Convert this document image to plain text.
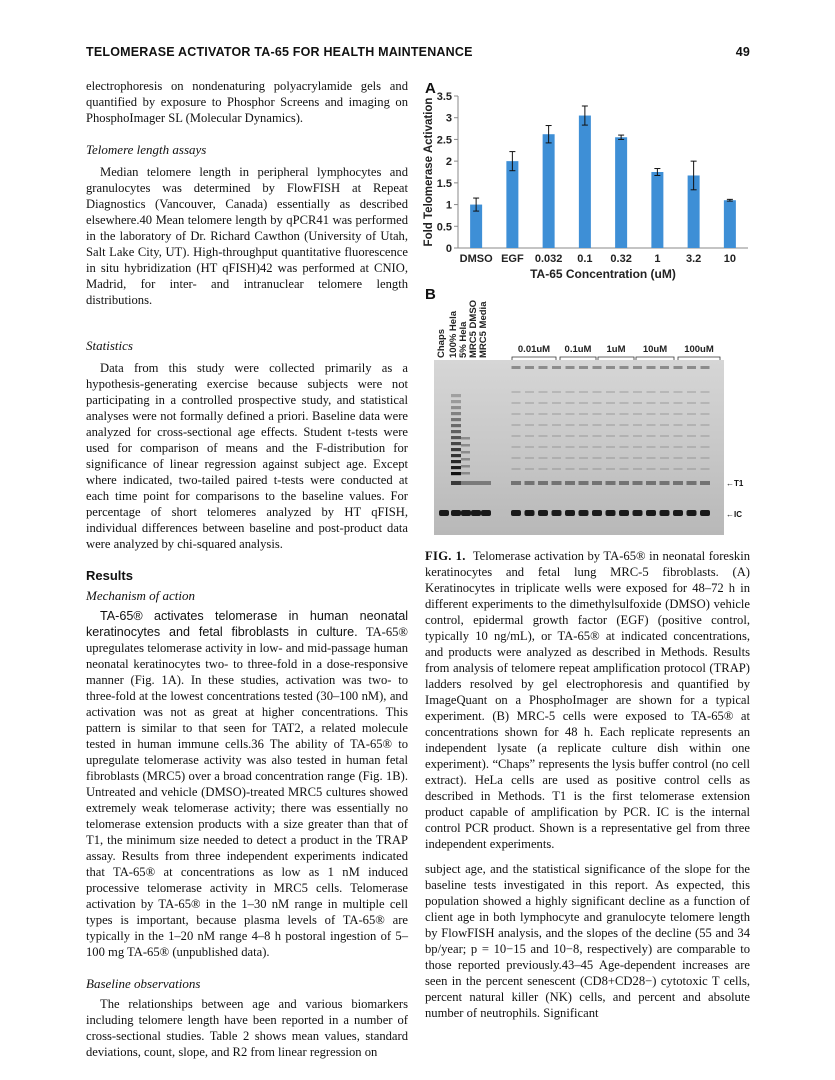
TELOMERASE ACTIVATOR TA-65 FOR HEALTH MAINTENANCE	49

electrophoresis on nondenaturing polyacrylamide gels and quantified by exposure to Phosphor Screens and imaging on PhosphoImager SL (Molecular Dynamics).

Telomere length assays

Median telomere length in peripheral lymphocytes and granulocytes was determined by FlowFISH at Repeat Diagnostics (Vancouver, Canada) essentially as described elsewhere.40 Mean telomere length by qPCR41 was performed in the laboratory of Dr. Richard Cawthon (University of Utah, Salt Lake City, UT). High-throughput quantitative fluorescence in situ hybridization (HT qFISH)42 was performed at CNIO, Madrid, for inter- and intranuclear telomere length distributions.

Statistics

Data from this study were collected primarily as a hypothesis-generating exercise because subjects were not participating in a controlled prospective study, and statistical analyses were not formally defined a priori. Baseline data were analyzed for cross-sectional age effects. Student t-tests were used for comparison of means and the F-distribution for significance of linear regression against subject age. Except where indicated, two-tailed paired t-tests were conducted at each time point for comparisons to the baseline values. For percentage of short telomeres analyzed by HT qFISH, individual differences between baseline and post-product data were analyzed by chi-squared analysis.

Results

Mechanism of action

TA-65® activates telomerase in human neonatal keratinocytes and fetal fibroblasts in culture. TA-65® upregulates telomerase activity in low- and mid-passage human neonatal keratinocytes two- to three-fold in a dose-responsive manner (Fig. 1A). In these studies, activation was two- to three-fold at the lowest concentrations tested (30–100 nM), and activation was not as great at higher concentrations. This pattern is similar to that seen for TAT2, a related molecule tested in human immune cells.36 The ability of TA-65® to upregulate telomerase activity was also tested in human fetal fibroblasts (MRC5) over a broad concentration range (Fig. 1B). Untreated and vehicle (DMSO)-treated MRC5 cultures showed extremely weak telomerase activity; there was essentially no telomerase extension products with a size greater than that of T1, the minimum size needed to detect a product in the TRAP assay. Results from three independent experiments indicated that TA-65® at concentrations as low as 1 nM induced processive telomerase activity in MRC5 cells. Telomerase activation by TA-65® in the 1–30 nM range in multiple cell types is important, because plasma levels of TA-65® are typically in the 1–20 nM range 4–8 h postoral ingestion of 5–100 mg TA-65® (unpublished data).

Baseline observations

The relationships between age and various biomarkers including telomere length have been reported in a number of cross-sectional studies. Table 2 shows mean values, standard deviations, count, slope, and R2 from linear regression on

A
0
0.5
1
1.5
2
2.5
3
3.5
DMSO EGF 0.032 0.1 0.32 1 3.2 10
TA-65 Concentration (uM)
Fold Telomerase Activation
B
Chaps 100% Hela 5% Hela MRC5 DMSO MRC5 Media	0.01uM 0.1uM 1uM 10uM 100uM
←T1
←IC
FIG. 1. Telomerase activation by TA-65® in neonatal foreskin keratinocytes and fetal lung MRC-5 fibroblasts. (A) Keratinocytes in triplicate wells were exposed for 48–72 h in different experiments to the dimethylsulfoxide (DMSO) vehicle control, epidermal growth factor (EGF) (positive control, typically 10 ng/mL), or TA-65® at indicated concentrations, and products were analyzed as described in Methods. Results from analysis of telomere repeat amplification protocol (TRAP) ladders resolved by gel electrophoresis and quantified by ImageQuant on a PhosphoImager are shown for a typical experiment. (B) MRC-5 cells were exposed to TA-65® at concentrations shown for 48 h. Each replicate represents an independent lysate (a replicate culture dish within one experiment). “Chaps” represents the lysis buffer control (no cell extract). HeLa cells are used as positive control cells as described in Methods. T1 is the first telomerase extension product capable of amplification by PCR. IC is the internal control PCR product. Shown is a representative gel from three independent experiments.

subject age, and the statistical significance of the slope for the baseline tests investigated in this report. As expected, this population showed a highly significant decline as a function of client age in both lymphocyte and granulocyte telomere length by FlowFISH analysis, and the slopes of the decline (55 and 34 bp/year; p = 10−15 and 10−8, respectively) are comparable to those reported previously.43–45 Age-dependent increases are seen in the percent senescent (CD8+CD28−) cytotoxic T cells, percent natural killer (NK) cells, and percent and absolute number of neutrophils. Significant
